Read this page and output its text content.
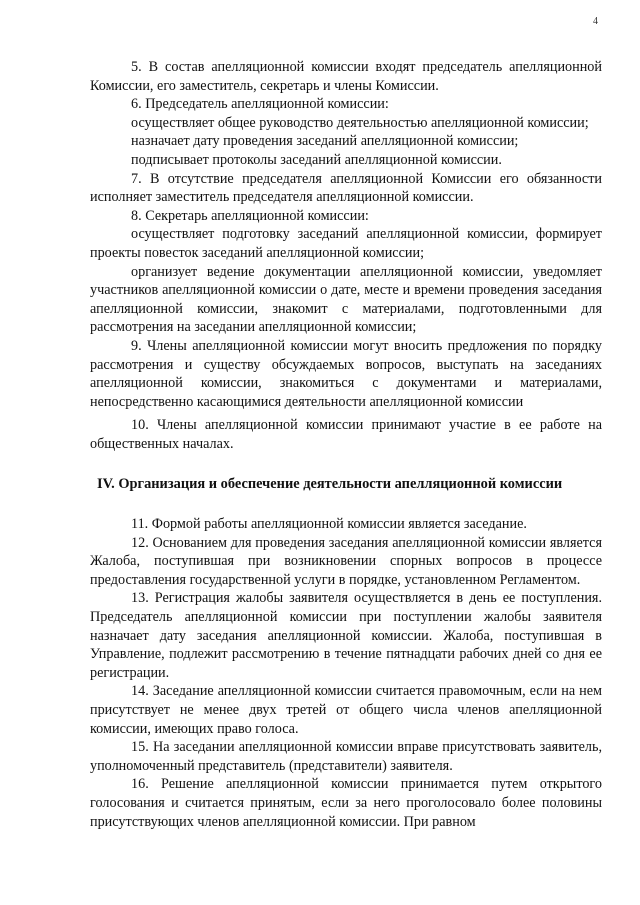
4

5. В состав апелляционной комиссии входят председатель апелляционной Комиссии, его заместитель, секретарь и члены Комиссии.

6. Председатель апелляционной комиссии:

осуществляет общее руководство деятельностью апелляционной комиссии;

назначает дату проведения заседаний апелляционной комиссии;

подписывает протоколы заседаний апелляционной комиссии.

7. В отсутствие председателя апелляционной Комиссии его обязанности исполняет заместитель председателя апелляционной комиссии.

8. Секретарь апелляционной комиссии:

осуществляет подготовку заседаний апелляционной комиссии, формирует проекты повесток заседаний апелляционной комиссии;

организует ведение документации апелляционной комиссии, уведомляет участников апелляционной комиссии о дате, месте и времени проведения заседания апелляционной комиссии, знакомит с материалами, подготовленными для рассмотрения на заседании апелляционной комиссии;

9. Члены апелляционной комиссии могут вносить предложения по порядку рассмотрения и существу обсуждаемых вопросов, выступать на заседаниях апелляционной комиссии, знакомиться с документами и материалами, непосредственно касающимися деятельности апелляционной комиссии

10. Члены апелляционной комиссии принимают участие в ее работе на общественных началах.

IV. Организация и обеспечение деятельности апелляционной комиссии

11. Формой работы апелляционной комиссии является заседание.

12. Основанием для проведения заседания апелляционной комиссии является Жалоба, поступившая при возникновении спорных вопросов в процессе предоставления государственной услуги в порядке, установленном Регламентом.

13. Регистрация жалобы заявителя осуществляется в день ее поступления. Председатель апелляционной комиссии при поступлении жалобы заявителя назначает дату заседания апелляционной комиссии. Жалоба, поступившая в Управление, подлежит рассмотрению в течение пятнадцати рабочих дней со дня ее регистрации.

14. Заседание апелляционной комиссии считается правомочным, если на нем присутствует не менее двух третей от общего числа членов апелляционной комиссии, имеющих право голоса.

15. На заседании апелляционной комиссии вправе присутствовать заявитель, уполномоченный представитель (представители) заявителя.

16. Решение апелляционной комиссии принимается путем открытого голосования и считается принятым, если за него проголосовало более половины присутствующих членов апелляционной комиссии. При равном
